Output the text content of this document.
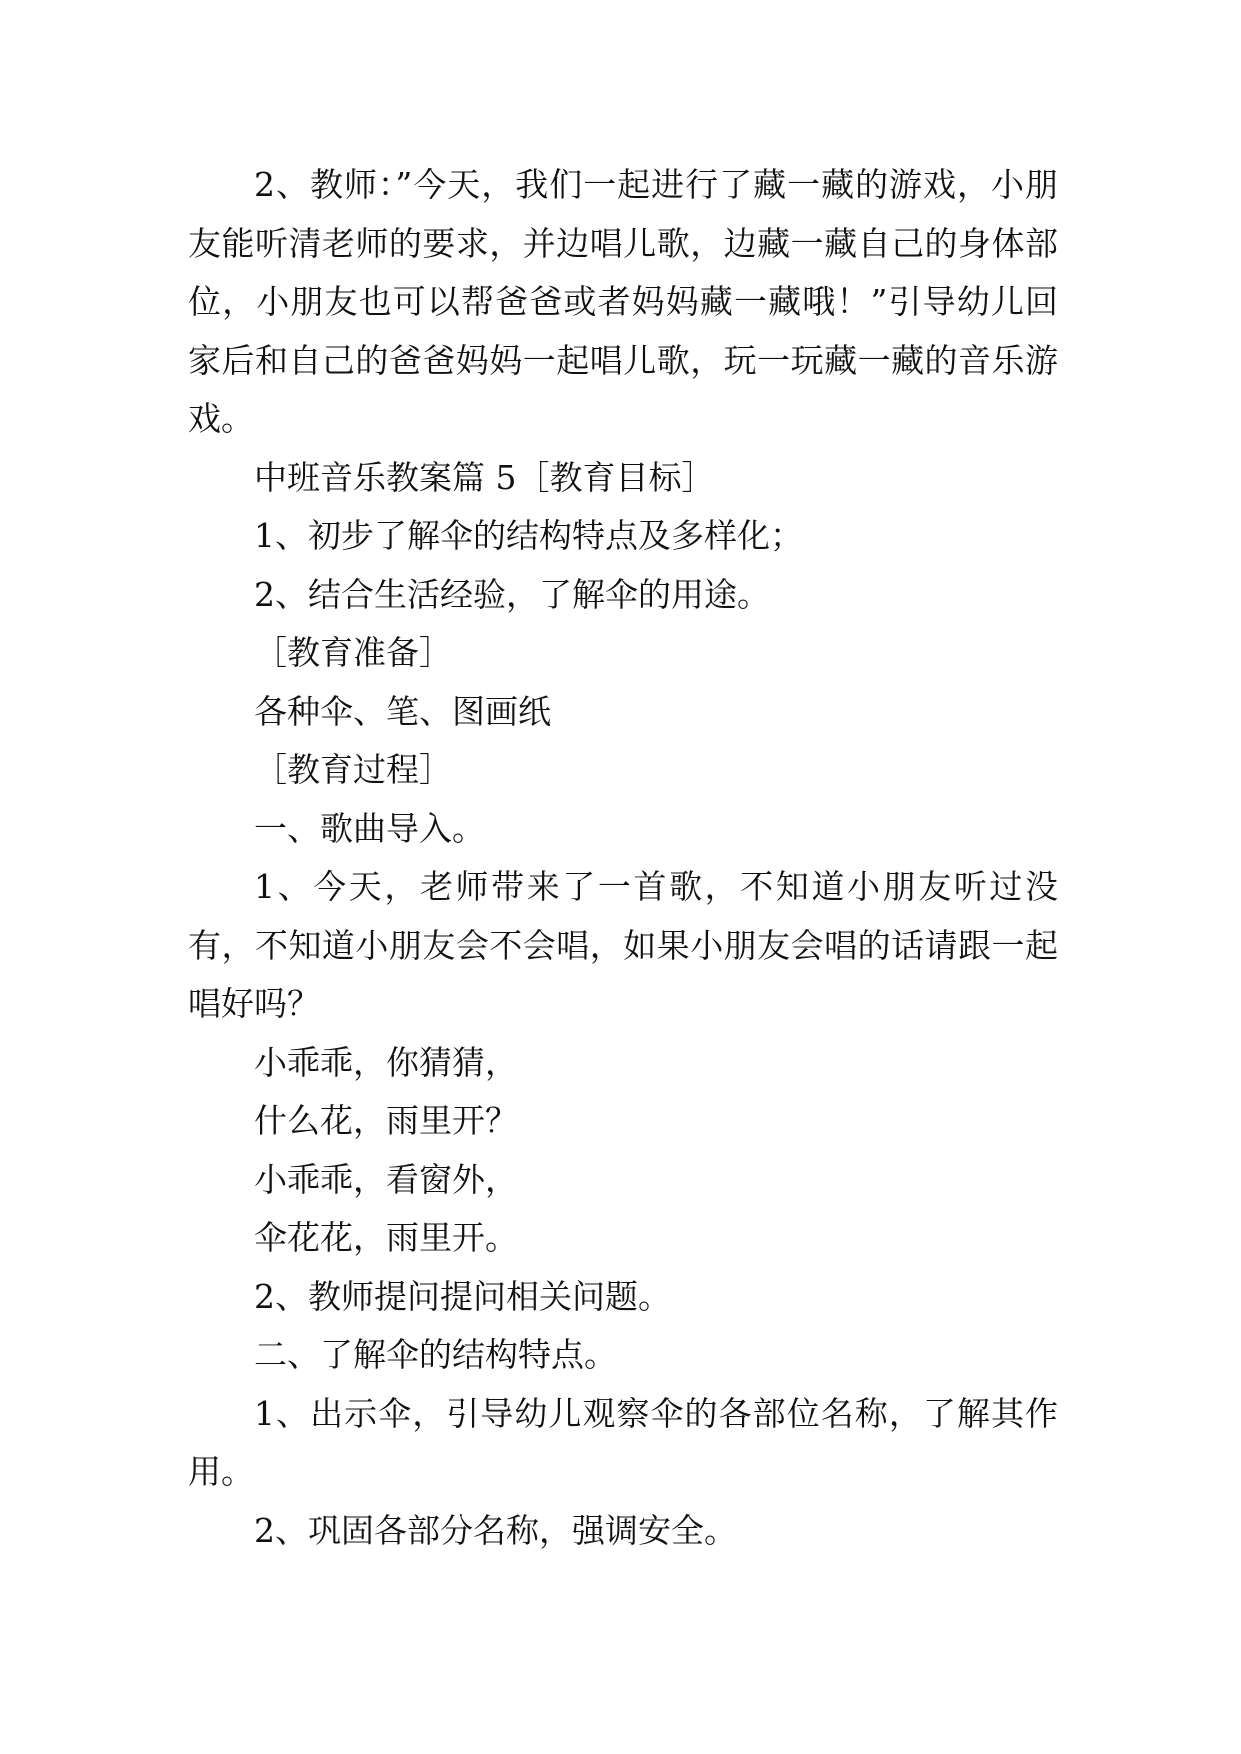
2、教师：”今天，我们一起进行了藏一藏的游戏，小朋友能听清老师的要求，并边唱儿歌，边藏一藏自己的身体部位，小朋友也可以帮爸爸或者妈妈藏一藏哦！”引导幼儿回家后和自己的爸爸妈妈一起唱儿歌，玩一玩藏一藏的音乐游戏。

中班音乐教案篇 5［教育目标］

1、初步了解伞的结构特点及多样化；

2、结合生活经验，了解伞的用途。

［教育准备］

各种伞、笔、图画纸

［教育过程］

一、歌曲导入。

1、今天，老师带来了一首歌，不知道小朋友听过没有，不知道小朋友会不会唱，如果小朋友会唱的话请跟一起唱好吗？

小乖乖，你猜猜，

什么花，雨里开？

小乖乖，看窗外，

伞花花，雨里开。

2、教师提问提问相关问题。

二、了解伞的结构特点。

1、出示伞，引导幼儿观察伞的各部位名称，了解其作用。

2、巩固各部分名称，强调安全。
